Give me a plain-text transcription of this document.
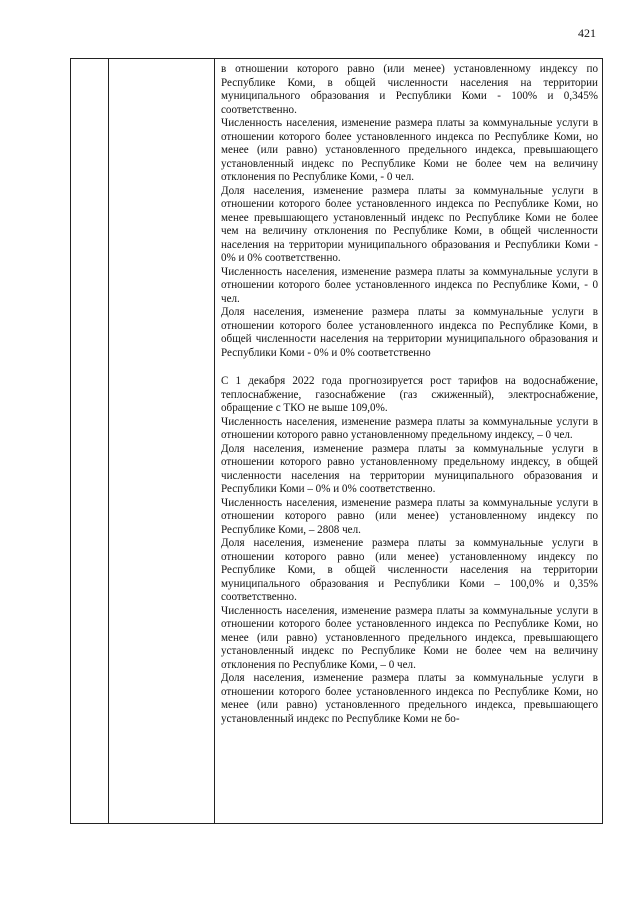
421

в отношении которого равно (или менее) установленному индексу по Республике Коми, в общей численности населения на территории муниципального образования и Республики Коми - 100% и 0,345% соответственно.

Численность населения, изменение размера платы за коммунальные услуги в отношении которого более установленного индекса по Республике Коми, но менее (или равно) установленного предельного индекса, превышающего установленный индекс по Республике Коми не более чем на величину отклонения по Республике Коми, - 0 чел.

Доля населения, изменение размера платы за коммунальные услуги в отношении которого более установленного индекса по Республике Коми, но менее превышающего установленный индекс по Республике Коми не более чем на величину отклонения по Республике Коми, в общей численности населения на территории муниципального образования и Республики Коми - 0% и 0% соответственно.

Численность населения, изменение размера платы за коммунальные услуги в отношении которого более установленного индекса по Республике Коми, - 0 чел.

Доля населения, изменение размера платы за коммунальные услуги в отношении которого более установленного индекса по Республике Коми, в общей численности населения на территории муниципального образования и Республики Коми - 0% и 0% соответственно

С 1 декабря 2022 года прогнозируется рост тарифов на водоснабжение, теплоснабжение, газоснабжение (газ сжиженный), электроснабжение, обращение с ТКО не выше 109,0%.

Численность населения, изменение размера платы за коммунальные услуги в отношении которого равно установленному предельному индексу, – 0 чел.

Доля населения, изменение размера платы за коммунальные услуги в отношении которого равно установленному предельному индексу, в общей численности населения на территории муниципального образования и Республики Коми – 0% и 0% соответственно.

Численность населения, изменение размера платы за коммунальные услуги в отношении которого равно (или менее) установленному индексу по Республике Коми, – 2808 чел.

Доля населения, изменение размера платы за коммунальные услуги в отношении которого равно (или менее) установленному индексу по Республике Коми, в общей численности населения на территории муниципального образования и Республики Коми – 100,0% и 0,35% соответственно.

Численность населения, изменение размера платы за коммунальные услуги в отношении которого более установленного индекса по Республике Коми, но менее (или равно) установленного предельного индекса, превышающего установленный индекс по Республике Коми не более чем на величину отклонения по Республике Коми, – 0 чел.

Доля населения, изменение размера платы за коммунальные услуги в отношении которого более установленного индекса по Республике Коми, но менее (или равно) установленного предельного индекса, превышающего установленный индекс по Республике Коми не бо-
